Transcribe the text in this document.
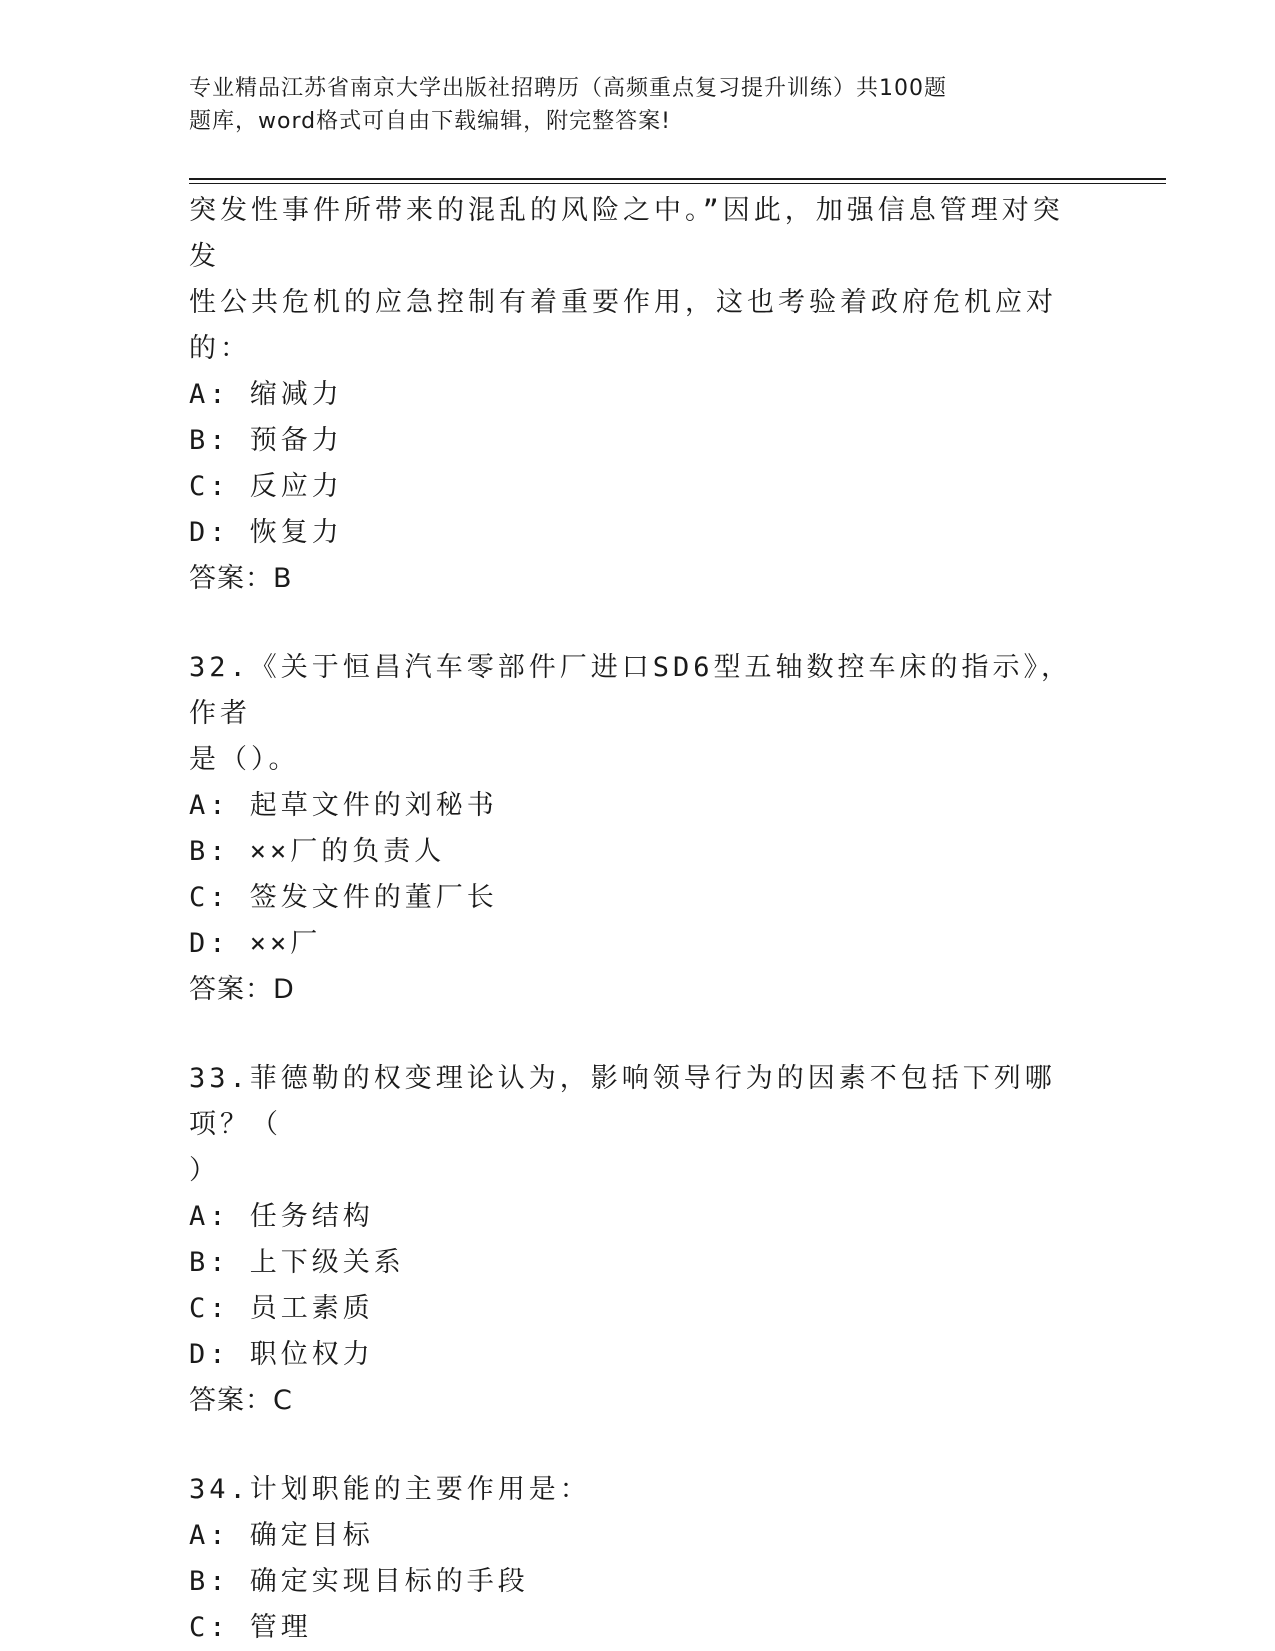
专业精品江苏省南京大学出版社招聘历（高频重点复习提升训练）共100题
题库，word格式可自由下载编辑，附完整答案!
突发性事件所带来的混乱的风险之中。”因此，加强信息管理对突发
性公共危机的应急控制有着重要作用，这也考验着政府危机应对的：
A: 缩减力
B: 预备力
C: 反应力
D: 恢复力
答案：B
32.《关于恒昌汽车零部件厂进口SD6型五轴数控车床的指示》，作者
是（）。
A: 起草文件的刘秘书
B: ××厂的负责人
C: 签发文件的董厂长
D: ××厂
答案：D
33.菲德勒的权变理论认为，影响领导行为的因素不包括下列哪项？（
）
A: 任务结构
B: 上下级关系
C: 员工素质
D: 职位权力
答案：C
34.计划职能的主要作用是：
A: 确定目标
B: 确定实现目标的手段
C: 管理
